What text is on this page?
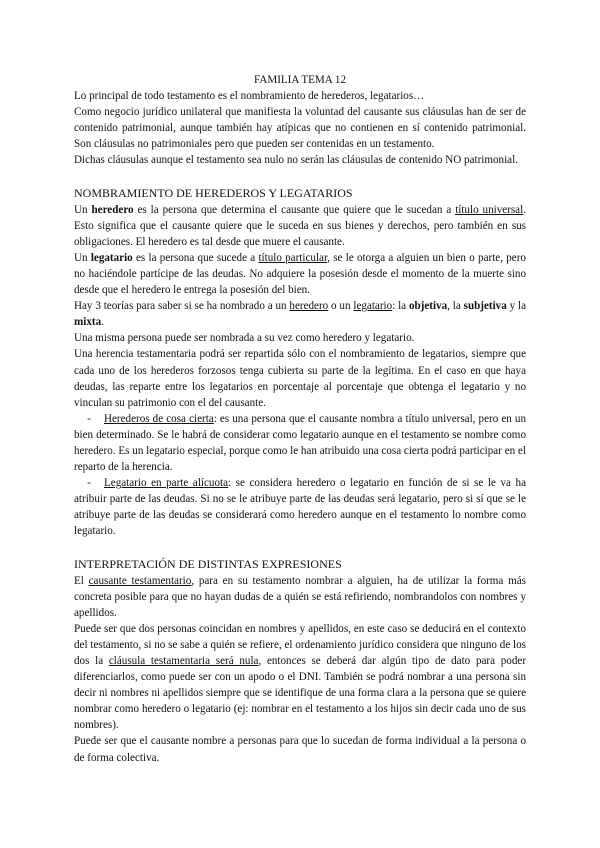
FAMILIA TEMA 12

Lo principal de todo testamento es el nombramiento de herederos, legatarios…

Como negocio jurídico unilateral que manifiesta la voluntad del causante sus cláusulas han de ser de contenido patrimonial, aunque también hay atípicas que no contienen en sí contenido patrimonial. Son cláusulas no patrimoniales pero que pueden ser contenidas en un testamento.

Dichas cláusulas aunque el testamento sea nulo no serán las cláusulas de contenido NO patrimonial.

NOMBRAMIENTO DE HEREDEROS Y LEGATARIOS

Un heredero es la persona que determina el causante que quiere que le sucedan a título universal. Esto significa que el causante quiere que le suceda en sus bienes y derechos, pero también en sus obligaciones. El heredero es tal desde que muere el causante.

Un legatario es la persona que sucede a título particular, se le otorga a alguien un bien o parte, pero no haciéndole partícipe de las deudas. No adquiere la posesión desde el momento de la muerte sino desde que el heredero le entrega la posesión del bien.

Hay 3 teorías para saber si se ha nombrado a un heredero o un legatario: la objetiva, la subjetiva y la mixta.

Una misma persona puede ser nombrada a su vez como heredero y legatario.

Una herencia testamentaria podrá ser repartida sólo con el nombramiento de legatarios, siempre que cada uno de los herederos forzosos tenga cubierta su parte de la legítima. En el caso en que haya deudas, las reparte entre los legatarios en porcentaje al porcentaje que obtenga el legatario y no vinculan su patrimonio con el del causante.

- Herederos de cosa cierta: es una persona que el causante nombra a título universal, pero en un bien determinado. Se le habrá de considerar como legatario aunque en el testamento se nombre como heredero. Es un legatario especial, porque como le han atribuido una cosa cierta podrá participar en el reparto de la herencia.

- Legatario en parte alícuota: se considera heredero o legatario en función de si se le va ha atribuir parte de las deudas. Si no se le atribuye parte de las deudas será legatario, pero si sí que se le atribuye parte de las deudas se considerará como heredero aunque en el testamento lo nombre como legatario.

INTERPRETACIÓN DE DISTINTAS EXPRESIONES

El causante testamentario, para en su testamento nombrar a alguien, ha de utilizar la forma más concreta posible para que no hayan dudas de a quién se está refiriendo, nombrandolos con nombres y apellidos.

Puede ser que dos personas coincidan en nombres y apellidos, en este caso se deducirá en el contexto del testamento, si no se sabe a quién se refiere, el ordenamiento jurídico considera que ninguno de los dos la cláusula testamentaria será nula, entonces se deberá dar algún tipo de dato para poder diferenciarlos, como puede ser con un apodo o el DNI. También se podrá nombrar a una persona sin decir ni nombres ni apellidos siempre que se identifique de una forma clara a la persona que se quiere nombrar como heredero o legatario (ej: nombrar en el testamento a los hijos sin decir cada uno de sus nombres).

Puede ser que el causante nombre a personas para que lo sucedan de forma individual a la persona o de forma colectiva.
